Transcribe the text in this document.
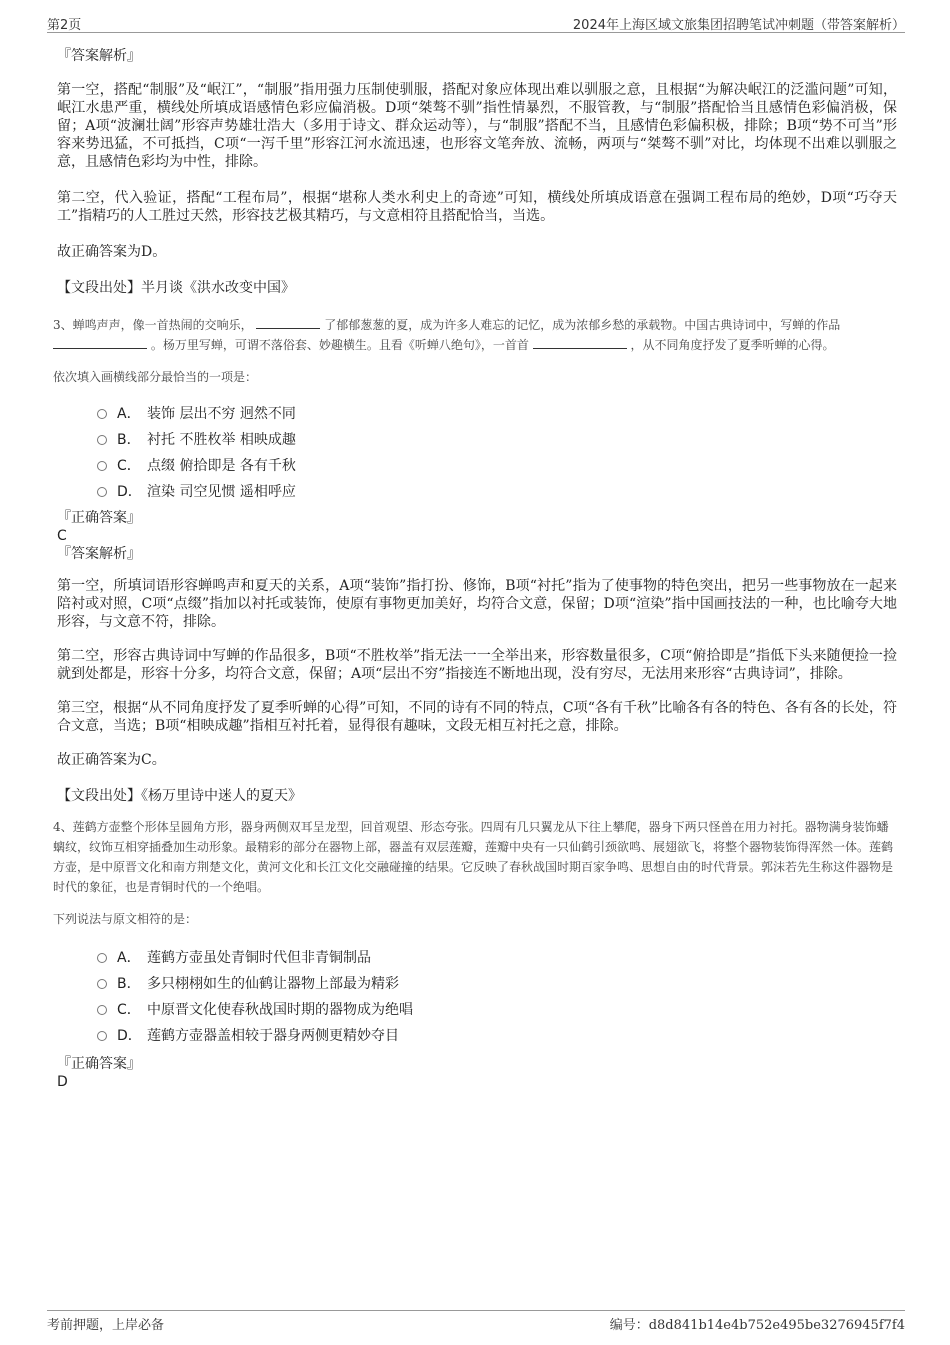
第2页	2024年上海区域文旅集团招聘笔试冲刺题（带答案解析）

『答案解析』

第一空，搭配“制服”及“岷江”，“制服”指用强力压制使驯服，搭配对象应体现出难以驯服之意，且根据“为解决岷江的泛滥问题”可知，岷江水患严重，横线处所填成语感情色彩应偏消极。D项“桀骜不驯”指性情暴烈，不服管教，与“制服”搭配恰当且感情色彩偏消极，保留；A项“波澜壮阔”形容声势雄壮浩大（多用于诗文、群众运动等），与“制服”搭配不当，且感情色彩偏积极，排除；B项“势不可当”形容来势迅猛，不可抵挡，C项“一泻千里”形容江河水流迅速，也形容文笔奔放、流畅，两项与“桀骜不驯”对比，均体现不出难以驯服之意，且感情色彩均为中性，排除。

第二空，代入验证，搭配“工程布局”，根据“堪称人类水利史上的奇迹”可知，横线处所填成语意在强调工程布局的绝妙，D项“巧夺天工”指精巧的人工胜过天然，形容技艺极其精巧，与文意相符且搭配恰当，当选。

故正确答案为D。

【文段出处】半月谈《洪水改变中国》

3、蝉鸣声声，像一首热闹的交响乐，	了郁郁葱葱的夏，成为许多人难忘的记忆，成为浓郁乡愁的承载物。中国古典诗词中，写蝉的作品  。杨万里写蝉，可谓不落俗套、妙趣横生。且看《听蝉八绝句》，一首首	，从不同角度抒发了夏季听蝉的心得。

依次填入画横线部分最恰当的一项是：

A． 装饰 层出不穷 迥然不同
B． 衬托 不胜枚举 相映成趣
C． 点缀 俯拾即是 各有千秋
D． 渲染 司空见惯 遥相呼应

『正确答案』

C

『答案解析』

第一空，所填词语形容蝉鸣声和夏天的关系，A项“装饰”指打扮、修饰，B项“衬托”指为了使事物的特色突出，把另一些事物放在一起来陪衬或对照，C项“点缀”指加以衬托或装饰，使原有事物更加美好，均符合文意，保留；D项“渲染”指中国画技法的一种，也比喻夸大地形容，与文意不符，排除。

第二空，形容古典诗词中写蝉的作品很多，B项“不胜枚举”指无法一一全举出来，形容数量很多，C项“俯拾即是”指低下头来随便捡一捡就到处都是，形容十分多，均符合文意，保留；A项“层出不穷”指接连不断地出现，没有穷尽，无法用来形容“古典诗词”，排除。

第三空，根据“从不同角度抒发了夏季听蝉的心得”可知，不同的诗有不同的特点，C项“各有千秋”比喻各有各的特色、各有各的长处，符合文意，当选；B项“相映成趣”指相互衬托着，显得很有趣味，文段无相互衬托之意，排除。

故正确答案为C。

【文段出处】《杨万里诗中迷人的夏天》

4、莲鹤方壶整个形体呈圆角方形，器身两侧双耳呈龙型，回首观望、形态夸张。四周有几只翼龙从下往上攀爬，器身下两只怪兽在用力衬托。器物满身装饰蟠螭纹，纹饰互相穿插叠加生动形象。最精彩的部分在器物上部，器盖有双层莲瓣，莲瓣中央有一只仙鹤引颈欲鸣、展翅欲飞，将整个器物装饰得浑然一体。莲鹤方壶，是中原晋文化和南方荆楚文化，黄河文化和长江文化交融碰撞的结果。它反映了春秋战国时期百家争鸣、思想自由的时代背景。郭沫若先生称这件器物是时代的象征，也是青铜时代的一个绝唱。

下列说法与原文相符的是：

A． 莲鹤方壶虽处青铜时代但非青铜制品
B． 多只栩栩如生的仙鹤让器物上部最为精彩
C． 中原晋文化使春秋战国时期的器物成为绝唱
D． 莲鹤方壶器盖相较于器身两侧更精妙夺目

『正确答案』

D

考前押题，上岸必备	编号：d8d841b14e4b752e495be3276945f7f4
